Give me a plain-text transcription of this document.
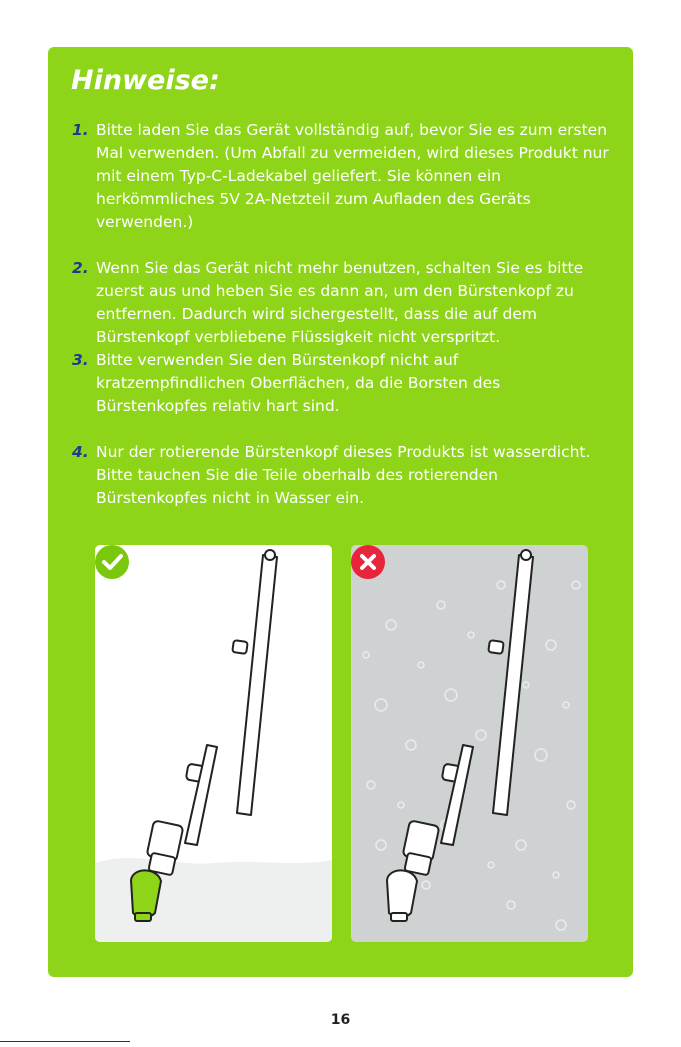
Hinweise:
1. Bitte laden Sie das Gerät vollständig auf, bevor Sie es zum ersten Mal verwenden. (Um Abfall zu vermeiden, wird dieses Produkt nur mit einem Typ-C-Ladekabel geliefert. Sie können ein herkömmliches 5V 2A-Netzteil zum Aufladen des Geräts verwenden.)
2. Wenn Sie das Gerät nicht mehr benutzen, schalten Sie es bitte zuerst aus und heben Sie es dann an, um den Bürstenkopf zu entfernen. Dadurch wird sichergestellt, dass die auf dem Bürstenkopf verbliebene Flüssigkeit nicht verspritzt.
3. Bitte verwenden Sie den Bürstenkopf nicht auf kratzempfindlichen Oberflächen, da die Borsten des Bürstenkopfes relativ hart sind.
4. Nur der rotierende Bürstenkopf dieses Produkts ist wasserdicht. Bitte tauchen Sie die Teile oberhalb des rotierenden Bürstenkopfes nicht in Wasser ein.
16
